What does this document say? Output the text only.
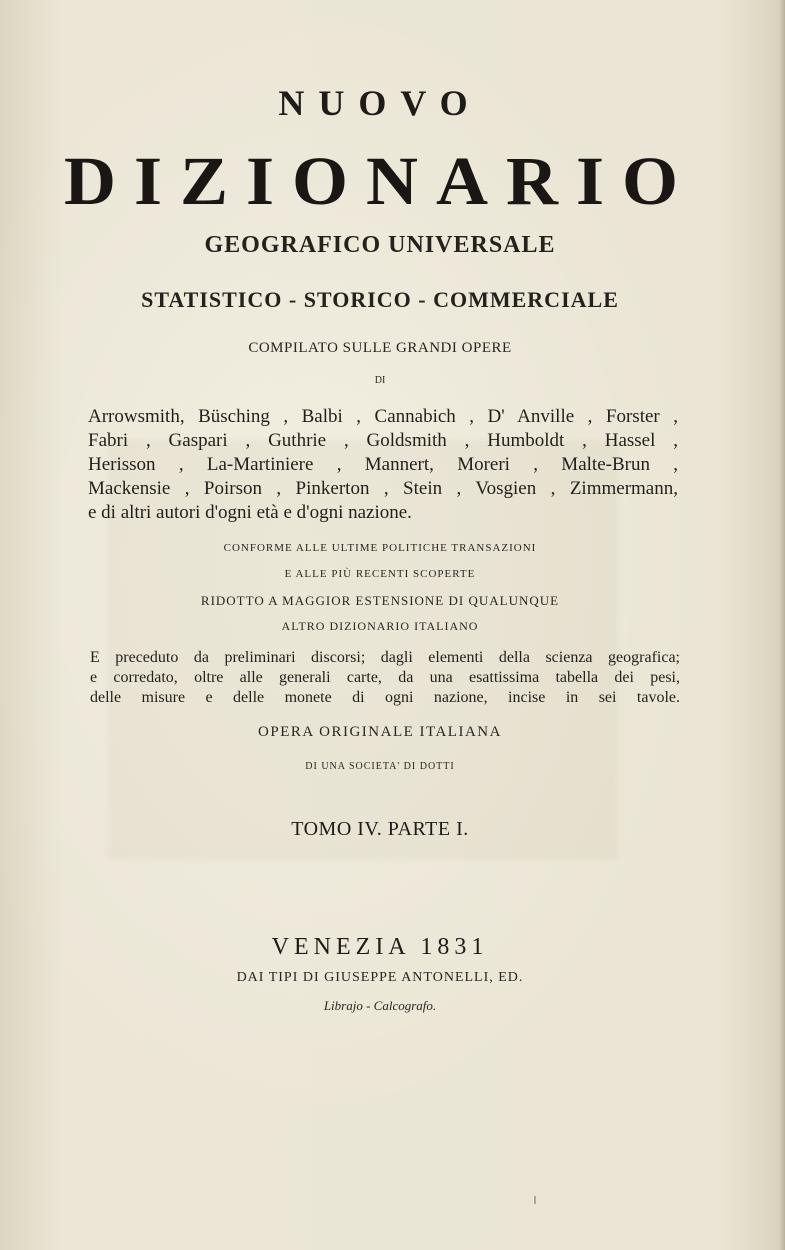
NUOVO
DIZIONARIO
GEOGRAFICO UNIVERSALE
STATISTICO - STORICO - COMMERCIALE
COMPILATO SULLE GRANDI OPERE
DI
Arrowsmith, Büsching , Balbi , Cannabich , D' Anville , Forster ,
Fabri , Gaspari , Guthrie , Goldsmith , Humboldt , Hassel ,
Herisson , La-Martiniere , Mannert, Moreri , Malte-Brun ,
Mackensie , Poirson , Pinkerton , Stein , Vosgien , Zimmermann,
e di altri autori d'ogni età e d'ogni nazione.
CONFORME ALLE ULTIME POLITICHE TRANSAZIONI
E ALLE PIÙ RECENTI SCOPERTE
RIDOTTO A MAGGIOR ESTENSIONE DI QUALUNQUE
ALTRO DIZIONARIO ITALIANO
E preceduto da preliminari discorsi; dagli elementi della scienza geografica;
e corredato, oltre alle generali carte, da una esattissima tabella dei pesi,
delle misure e delle monete di ogni nazione, incise in sei tavole.
OPERA ORIGINALE ITALIANA
DI UNA SOCIETA' DI DOTTI
TOMO IV. PARTE I.
VENEZIA 1831
DAI TIPI DI GIUSEPPE ANTONELLI, ED.
Librajo - Calcografo.
